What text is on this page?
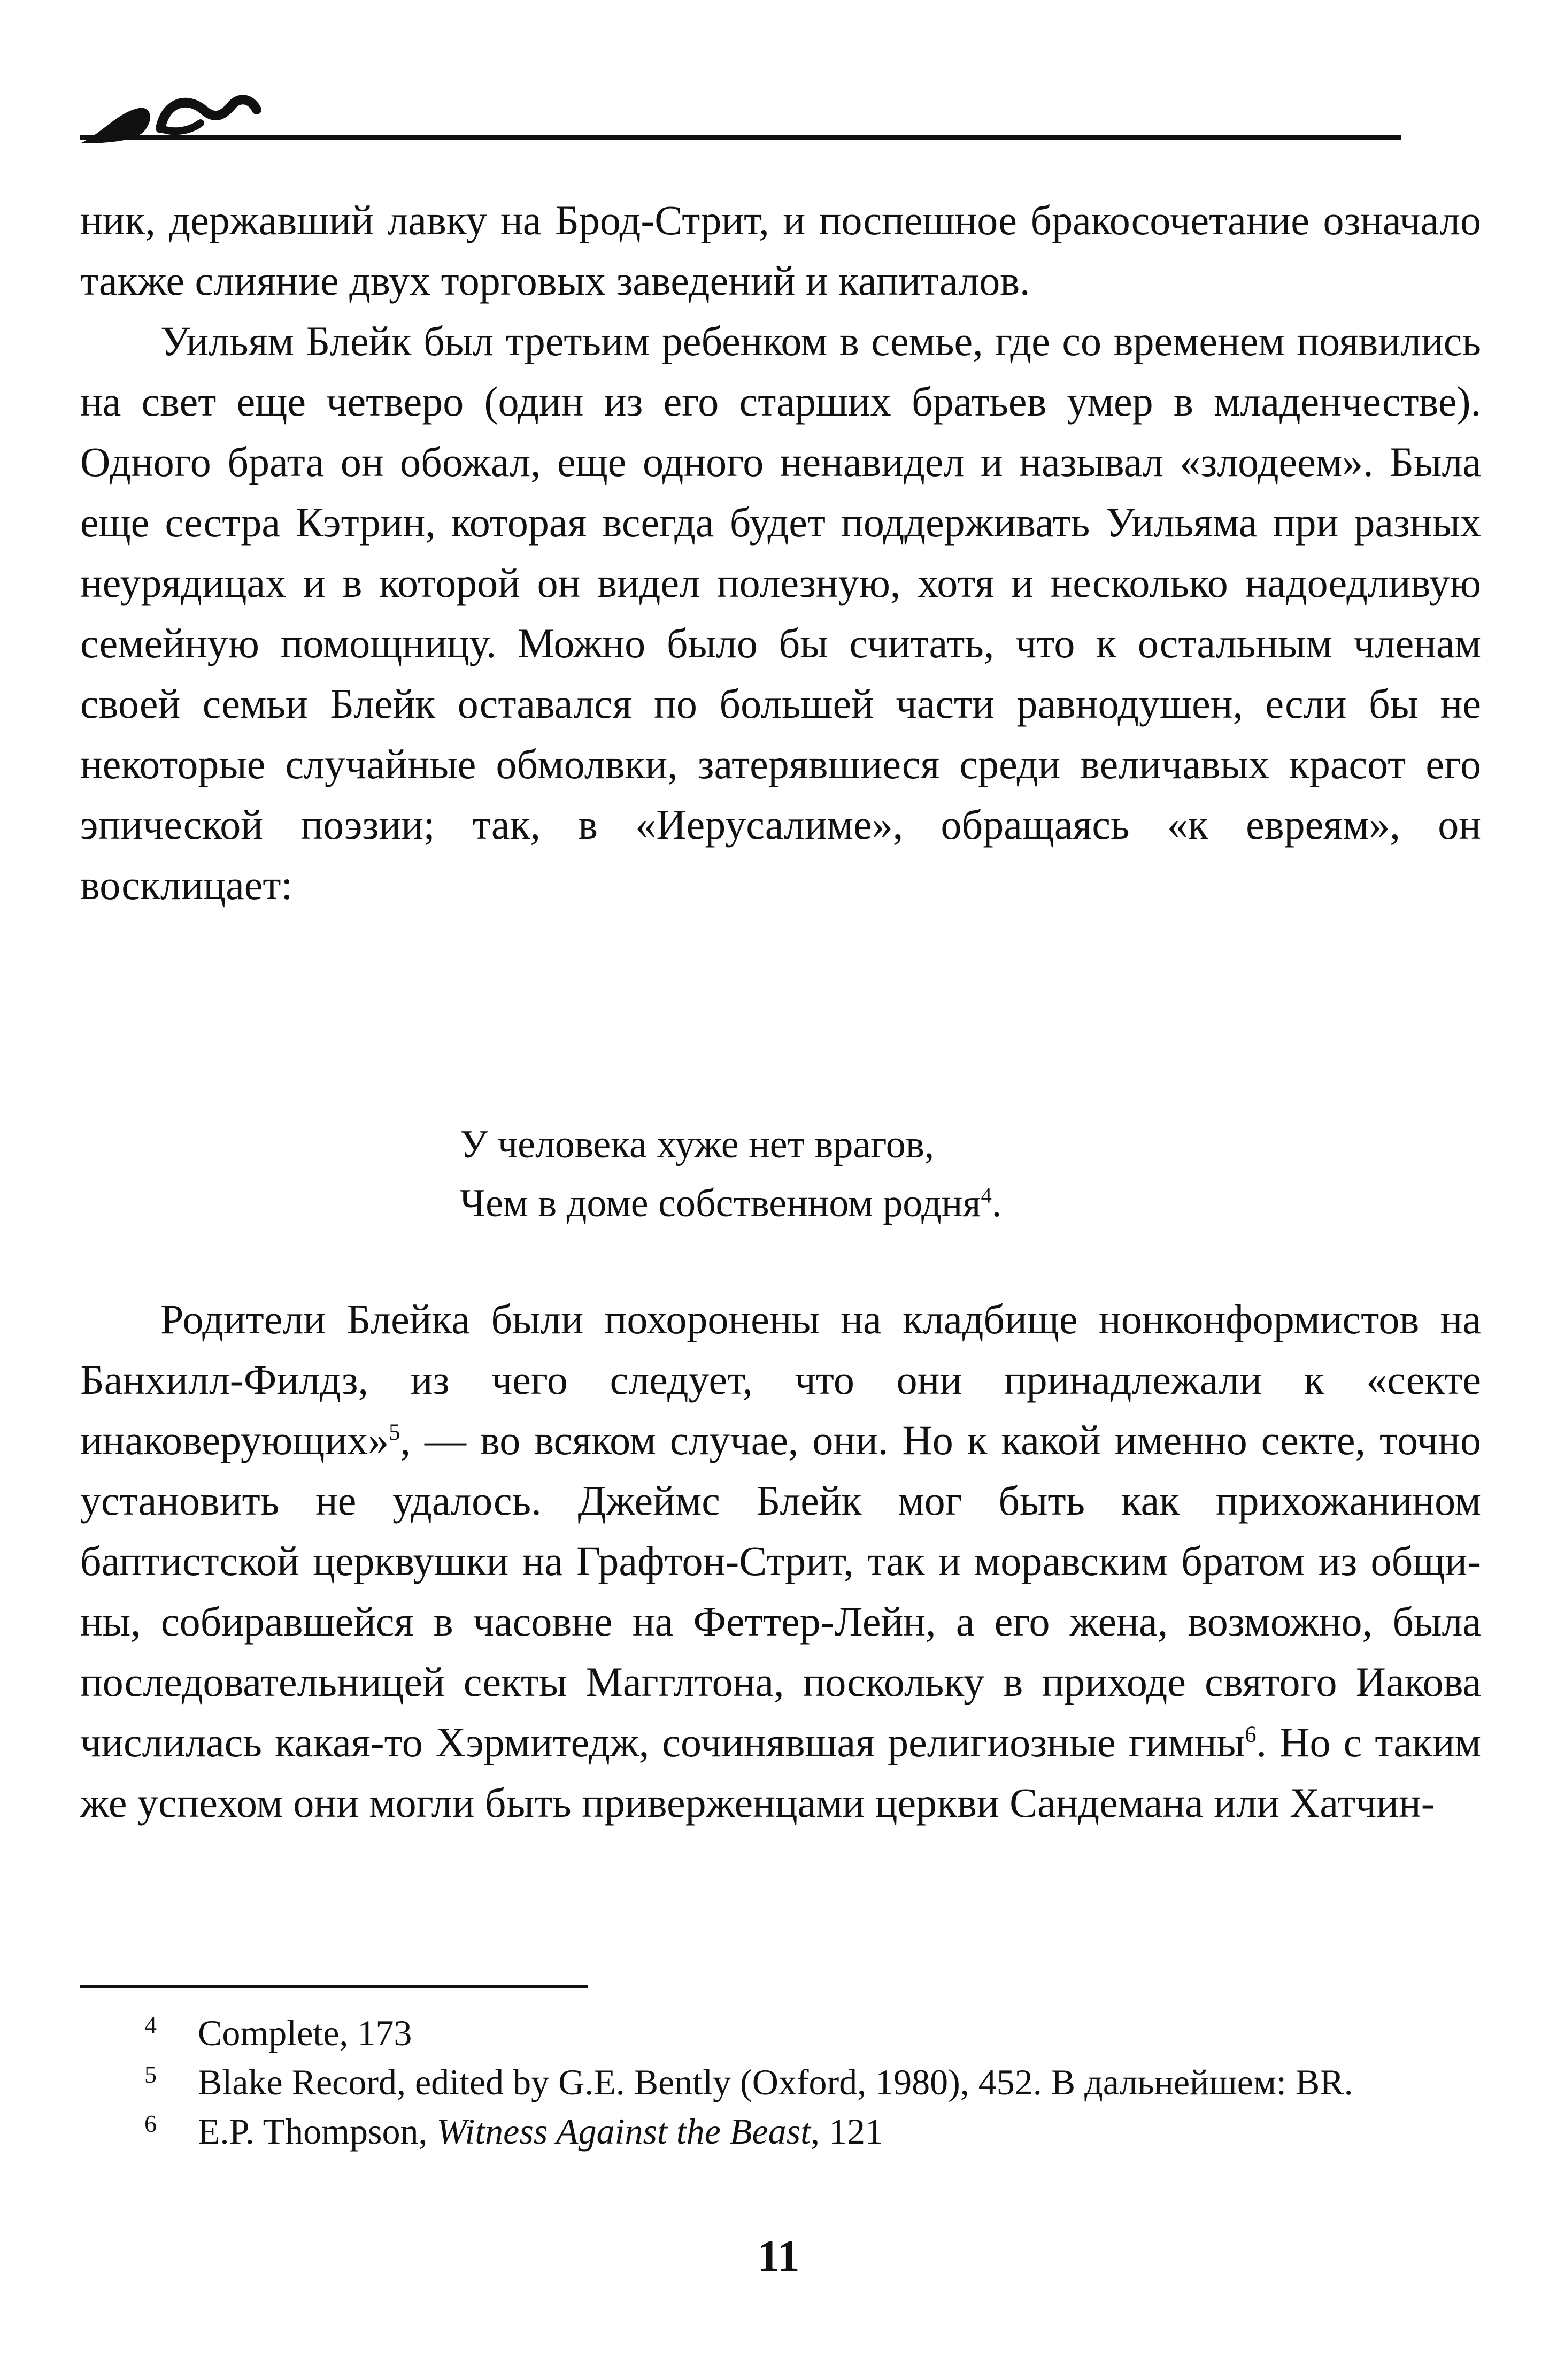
ник, державший лавку на Брод-Стрит, и поспешное бракосочетание означало также слияние двух торговых заведений и капиталов.

Уильям Блейк был третьим ребенком в семье, где со временем появились на свет еще четверо (один из его старших братьев умер в младенчестве). Одного брата он обожал, еще одного ненавидел и называл «злодеем». Была еще сестра Кэтрин, которая всегда будет поддерживать Уильяма при разных неурядицах и в которой он видел полезную, хотя и несколько надоедливую семейную помощницу. Можно было бы считать, что к остальным членам своей семьи Блейк оставался по большей части равнодушен, если бы не некоторые случайные обмолвки, затерявшиеся среди величавых красот его эпической поэзии; так, в «Иерусалиме», обращаясь «к евреям», он восклицает:

У человека хуже нет врагов,
Чем в доме собственном родня$^4$.

Родители Блейка были похоронены на кладбище нонконформистов на Банхилл-Филдз, из чего следует, что они принадлежали к «секте инаковерующих»$^5$, — во всяком случае, они. Но к какой именно секте, точно установить не удалось. Джеймс Блейк мог быть как прихожанином баптистской церквушки на Графтон-Стрит, так и моравским братом из общины, собиравшейся в часовне на Феттер-Лейн, а его жена, возможно, была последовательницей секты Магглтона, поскольку в приходе святого Иакова числилась какая-то Хэрмитедж, сочинявшая религиозные гимны$^6$. Но с таким же успехом они могли быть приверженцами церкви Сандемана или Хатчин-

4 Complete, 173

5 Blake Record, edited by G.E. Bently (Oxford, 1980), 452. В дальнейшем: BR.

6 E.P. Thompson, Witness Against the Beast, 121

11
